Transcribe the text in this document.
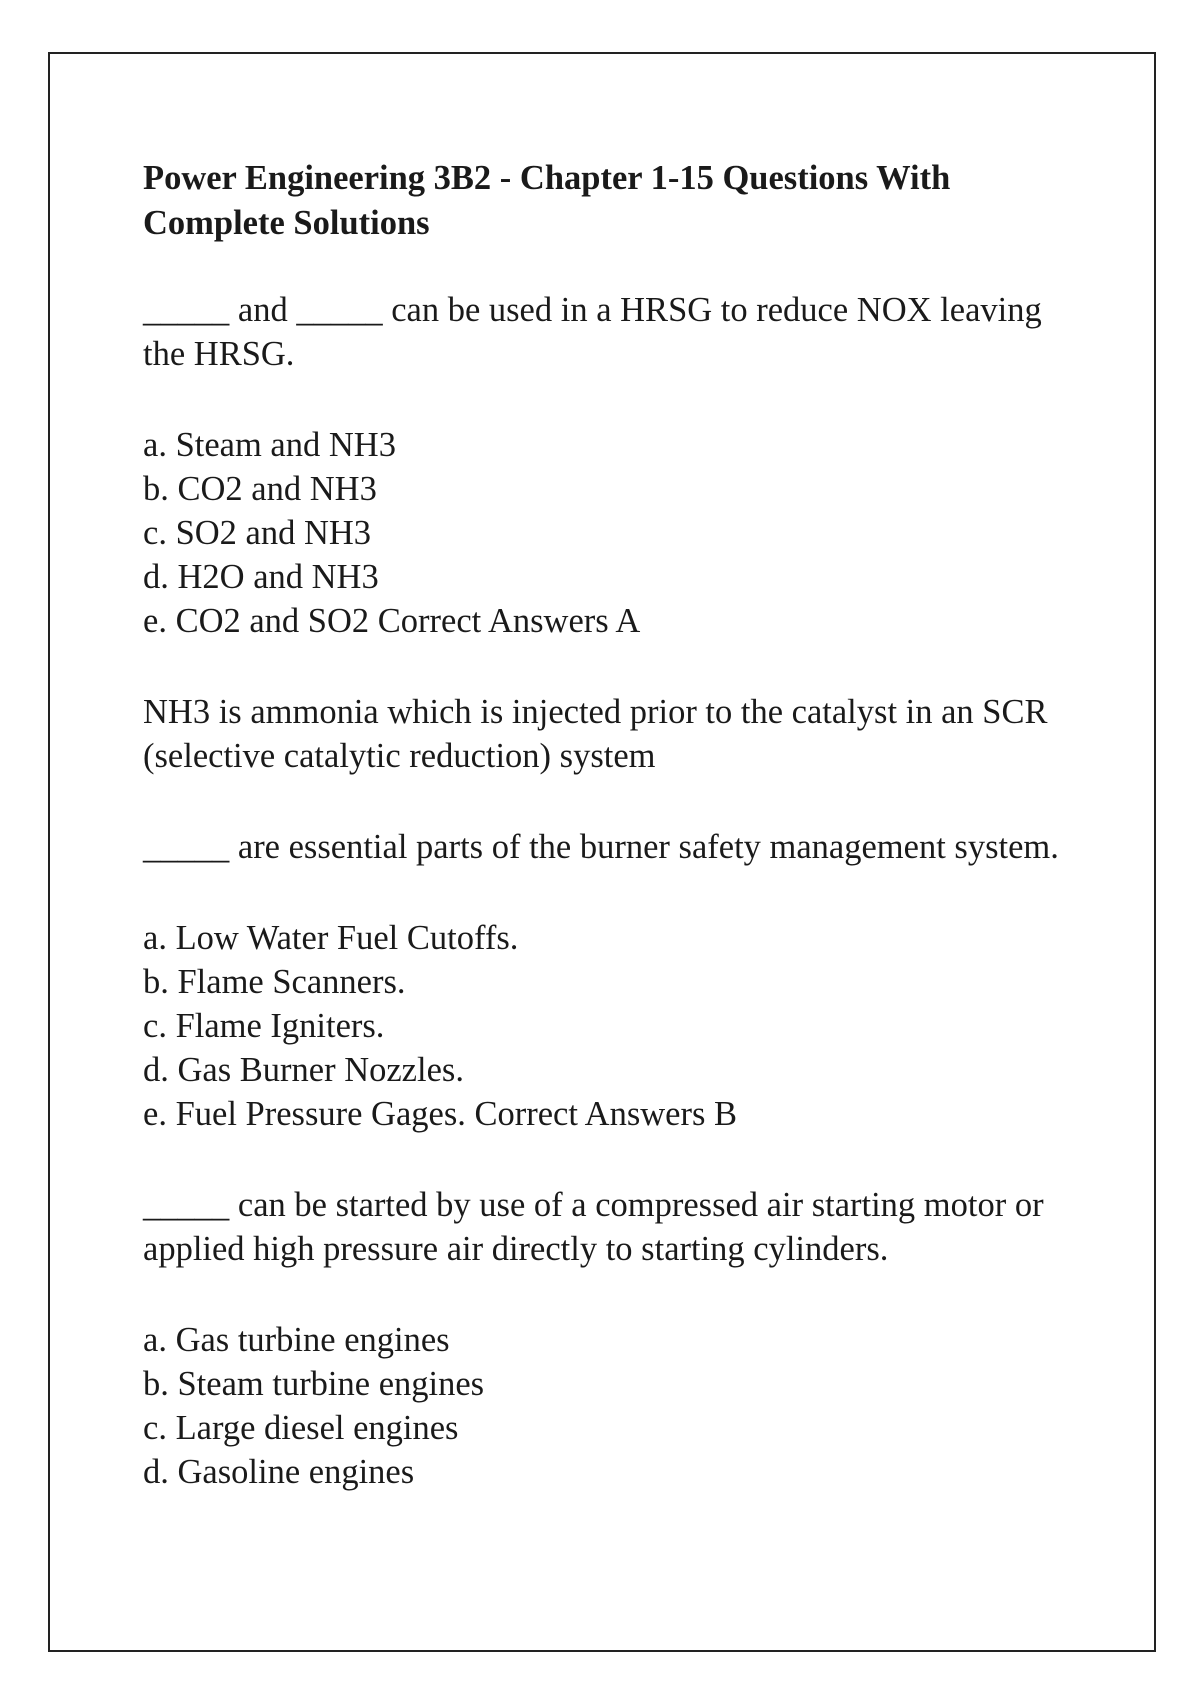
Power Engineering 3B2 - Chapter 1-15 Questions With Complete Solutions

_____ and _____ can be used in a HRSG to reduce NOX leaving the HRSG.

a. Steam and NH3
b. CO2 and NH3
c. SO2 and NH3
d. H2O and NH3
e. CO2 and SO2 Correct Answers A

NH3 is ammonia which is injected prior to the catalyst in an SCR (selective catalytic reduction) system

_____ are essential parts of the burner safety management system.

a. Low Water Fuel Cutoffs.
b. Flame Scanners.
c. Flame Igniters.
d. Gas Burner Nozzles.
e. Fuel Pressure Gages. Correct Answers B

_____ can be started by use of a compressed air starting motor or applied high pressure air directly to starting cylinders.

a. Gas turbine engines
b. Steam turbine engines
c. Large diesel engines
d. Gasoline engines
